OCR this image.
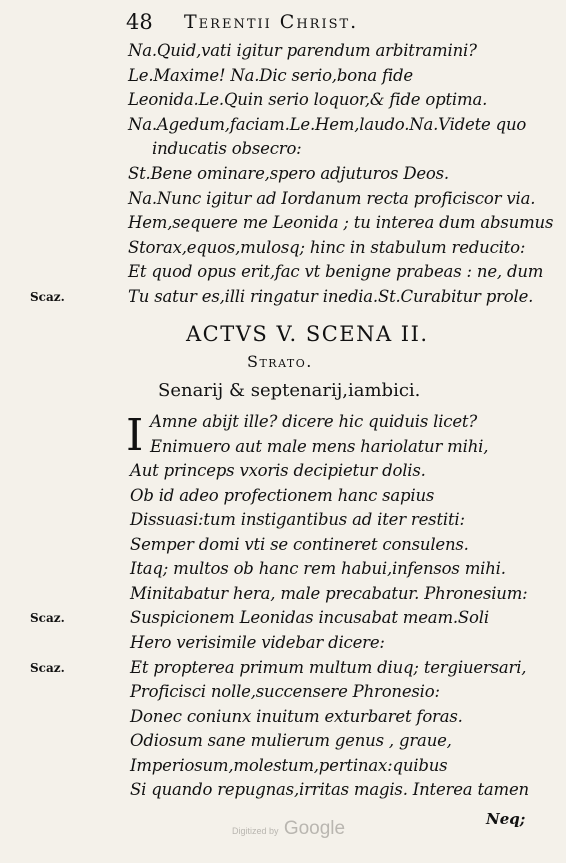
48 Terentii Christ.
Na.Quid,vati igitur parendum arbitramini?
Le.Maxime! Na.Dic serio,bona fide
Leonida.Le.Quin serio loquor,& fide optima.
Na.Agedum,faciam.Le.Hem,laudo.Na.Videte quo
inducatis obsecro:
St.Bene ominare,spero adjuturos Deos.
Na.Nunc igitur ad Iordanum recta proficiscor via.
Hem,sequere me Leonida ; tu interea dum absumus
Storax,equos,mulosq; hinc in stabulum reducito:
Et quod opus erit,fac vt benigne prabeas : ne, dum
Tu satur es,illi ringatur inedia.St.Curabitur prole.
Scaz.
Scaz.
Scaz.
ACTVS V. SCENA II.
Strato.
Senarij & septenarij,iambici.
I Amne abijt ille? dicere hic quiduis licet?
Enimuero aut male mens hariolatur mihi,
Aut princeps vxoris decipietur dolis.
Ob id adeo profectionem hanc sapius
Dissuasi:tum instigantibus ad iter restiti:
Semper domi vti se contineret consulens.
Itaq; multos ob hanc rem habui,infensos mihi.
Minitabatur hera, male precabatur. Phronesium:
Suspicionem Leonidas incusabat meam.Soli
Hero verisimile videbar dicere:
Et propterea primum multum diuq; tergiuersari,
Proficisci nolle,succensere Phronesio:
Donec coniunx inuitum exturbaret foras.
Odiosum sane mulierum genus , graue,
Imperiosum,molestum,pertinax:quibus
Si quando repugnas,irritas magis. Interea tamen
Neq;
Digitized by Google
